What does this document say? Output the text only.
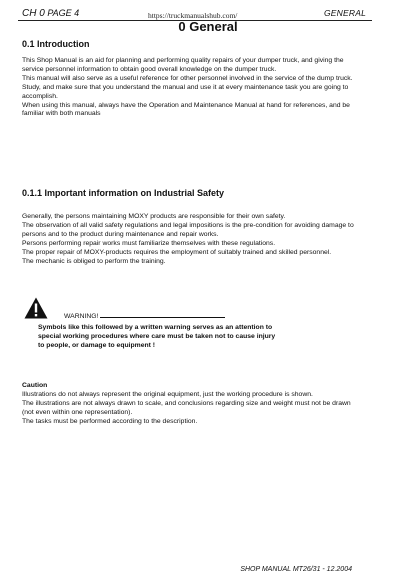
CH 0 PAGE 4	https://truckmanualshub.com/	GENERAL
0 General
0.1 Introduction

This Shop Manual is an aid for planning and performing quality repairs of your dumper truck, and giving the

service personnel information to obtain good overall knowledge on the dumper truck.

This manual will also serve as a useful reference for other personnel involved in the service of the dump truck.

Study, and make sure that you understand the manual and use it at every maintenance task you are going to

accomplish.

When using this manual, always have the Operation and Maintenance Manual at hand for references, and be

familiar with both manuals

0.1.1 Important information on Industrial Safety

Generally, the persons maintaining MOXY products are responsible for their own safety.

The observation of all valid safety regulations and legal impositions is the pre-condition for avoiding damage to

persons and to the product during maintenance and repair works.

Persons performing repair works must familiarize themselves with these regulations.

The proper repair of MOXY-products requires the employment of suitably trained and skilled personnel.

The mechanic is obliged to perform the training.

WARNING!
Symbols like this followed by a written warning serves as an attention to
special working procedures where care must be taken not to cause injury
to people, or damage to equipment !
Caution

Illustrations do not always represent the original equipment, just the working procedure is shown.

The illustrations are not always drawn to scale, and conclusions regarding size and weight must not be drawn

(not even within one representation).

The tasks must be performed according to the description.

SHOP MANUAL MT26/31 - 12.2004
